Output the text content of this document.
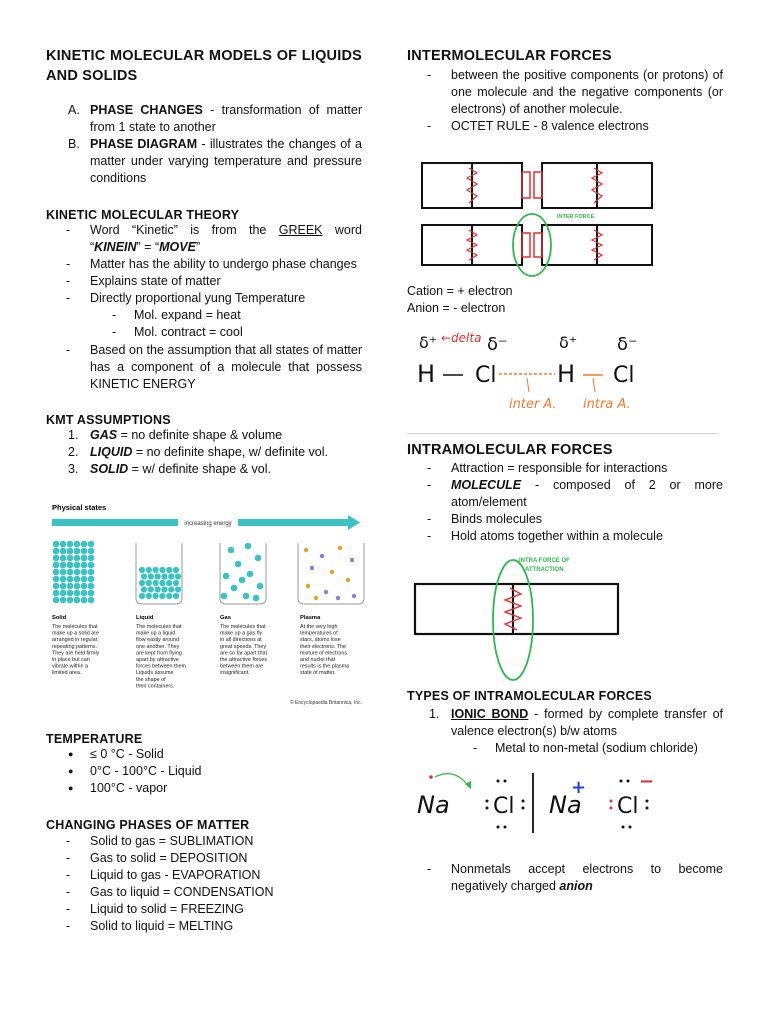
KINETIC MOLECULAR MODELS OF LIQUIDS AND SOLIDS
A. PHASE CHANGES - transformation of matter from 1 state to another
B. PHASE DIAGRAM - illustrates the changes of a matter under varying temperature and pressure conditions
KINETIC MOLECULAR THEORY
- Word “Kinetic” is from the GREEK word “KINEIN” = “MOVE”
- Matter has the ability to undergo phase changes
- Explains state of matter
- Directly proportional yung Temperature
- Mol. expand = heat
- Mol. contract = cool
- Based on the assumption that all states of matter has a component of a molecule that possess KINETIC ENERGY
KMT ASSUMPTIONS
1. GAS = no definite shape & volume
2. LIQUID = no definite shape, w/ definite vol.
3. SOLID = w/ definite shape & vol.
Physical states
increasing energy
Solid
The molecules that
make up a solid are
arranged in regular,
repeating patterns.
They are held firmly
in place but can
vibrate within a
limited area.
Liquid
The molecules that
make up a liquid
flow easily around
one another. They
are kept from flying
apart by attractive
forces between them.
Liquids assume
the shape of
their containers.
Gas
The molecules that
make up a gas fly
in all directions at
great speeds. They
are so far apart that
the attractive forces
between them are
insignificant.
Plasma
At the very high
temperatures of
stars, atoms lose
their electrons. The
mixture of electrons
and nuclei that
results is the plasma
state of matter.
© Encyclopaedia Britannica, Inc.
TEMPERATURE
● ≤ 0 °C - Solid
● 0°C - 100°C - Liquid
● 100°C - vapor
CHANGING PHASES OF MATTER
- Solid to gas = SUBLIMATION
- Gas to solid = DEPOSITION
- Liquid to gas - EVAPORATION
- Gas to liquid = CONDENSATION
- Liquid to solid = FREEZING
- Solid to liquid = MELTING
INTERMOLECULAR FORCES
- between the positive components (or protons) of one molecule and the negative components (or electrons) of another molecule.
- OCTET RULE - 8 valence electrons
INTER FORCE
Cation = + electron
Anion = - electron
δ⁺ ←delta δ⁻	δ⁺ δ⁻
H Cl	H Cl
inter A. intra A.
INTRAMOLECULAR FORCES
- Attraction = responsible for interactions
- MOLECULE - composed of 2 or more atom/element
- Binds molecules
- Hold atoms together within a molecule
INTRA FORCE OF
ATTRACTION
TYPES OF INTRAMOLECULAR FORCES
1. IONIC BOND - formed by complete transfer of valence electron(s) b/w atoms
- Metal to non-metal (sodium chloride)
Na Cl Na
+
Cl
−
- Nonmetals accept electrons to become negatively charged anion
